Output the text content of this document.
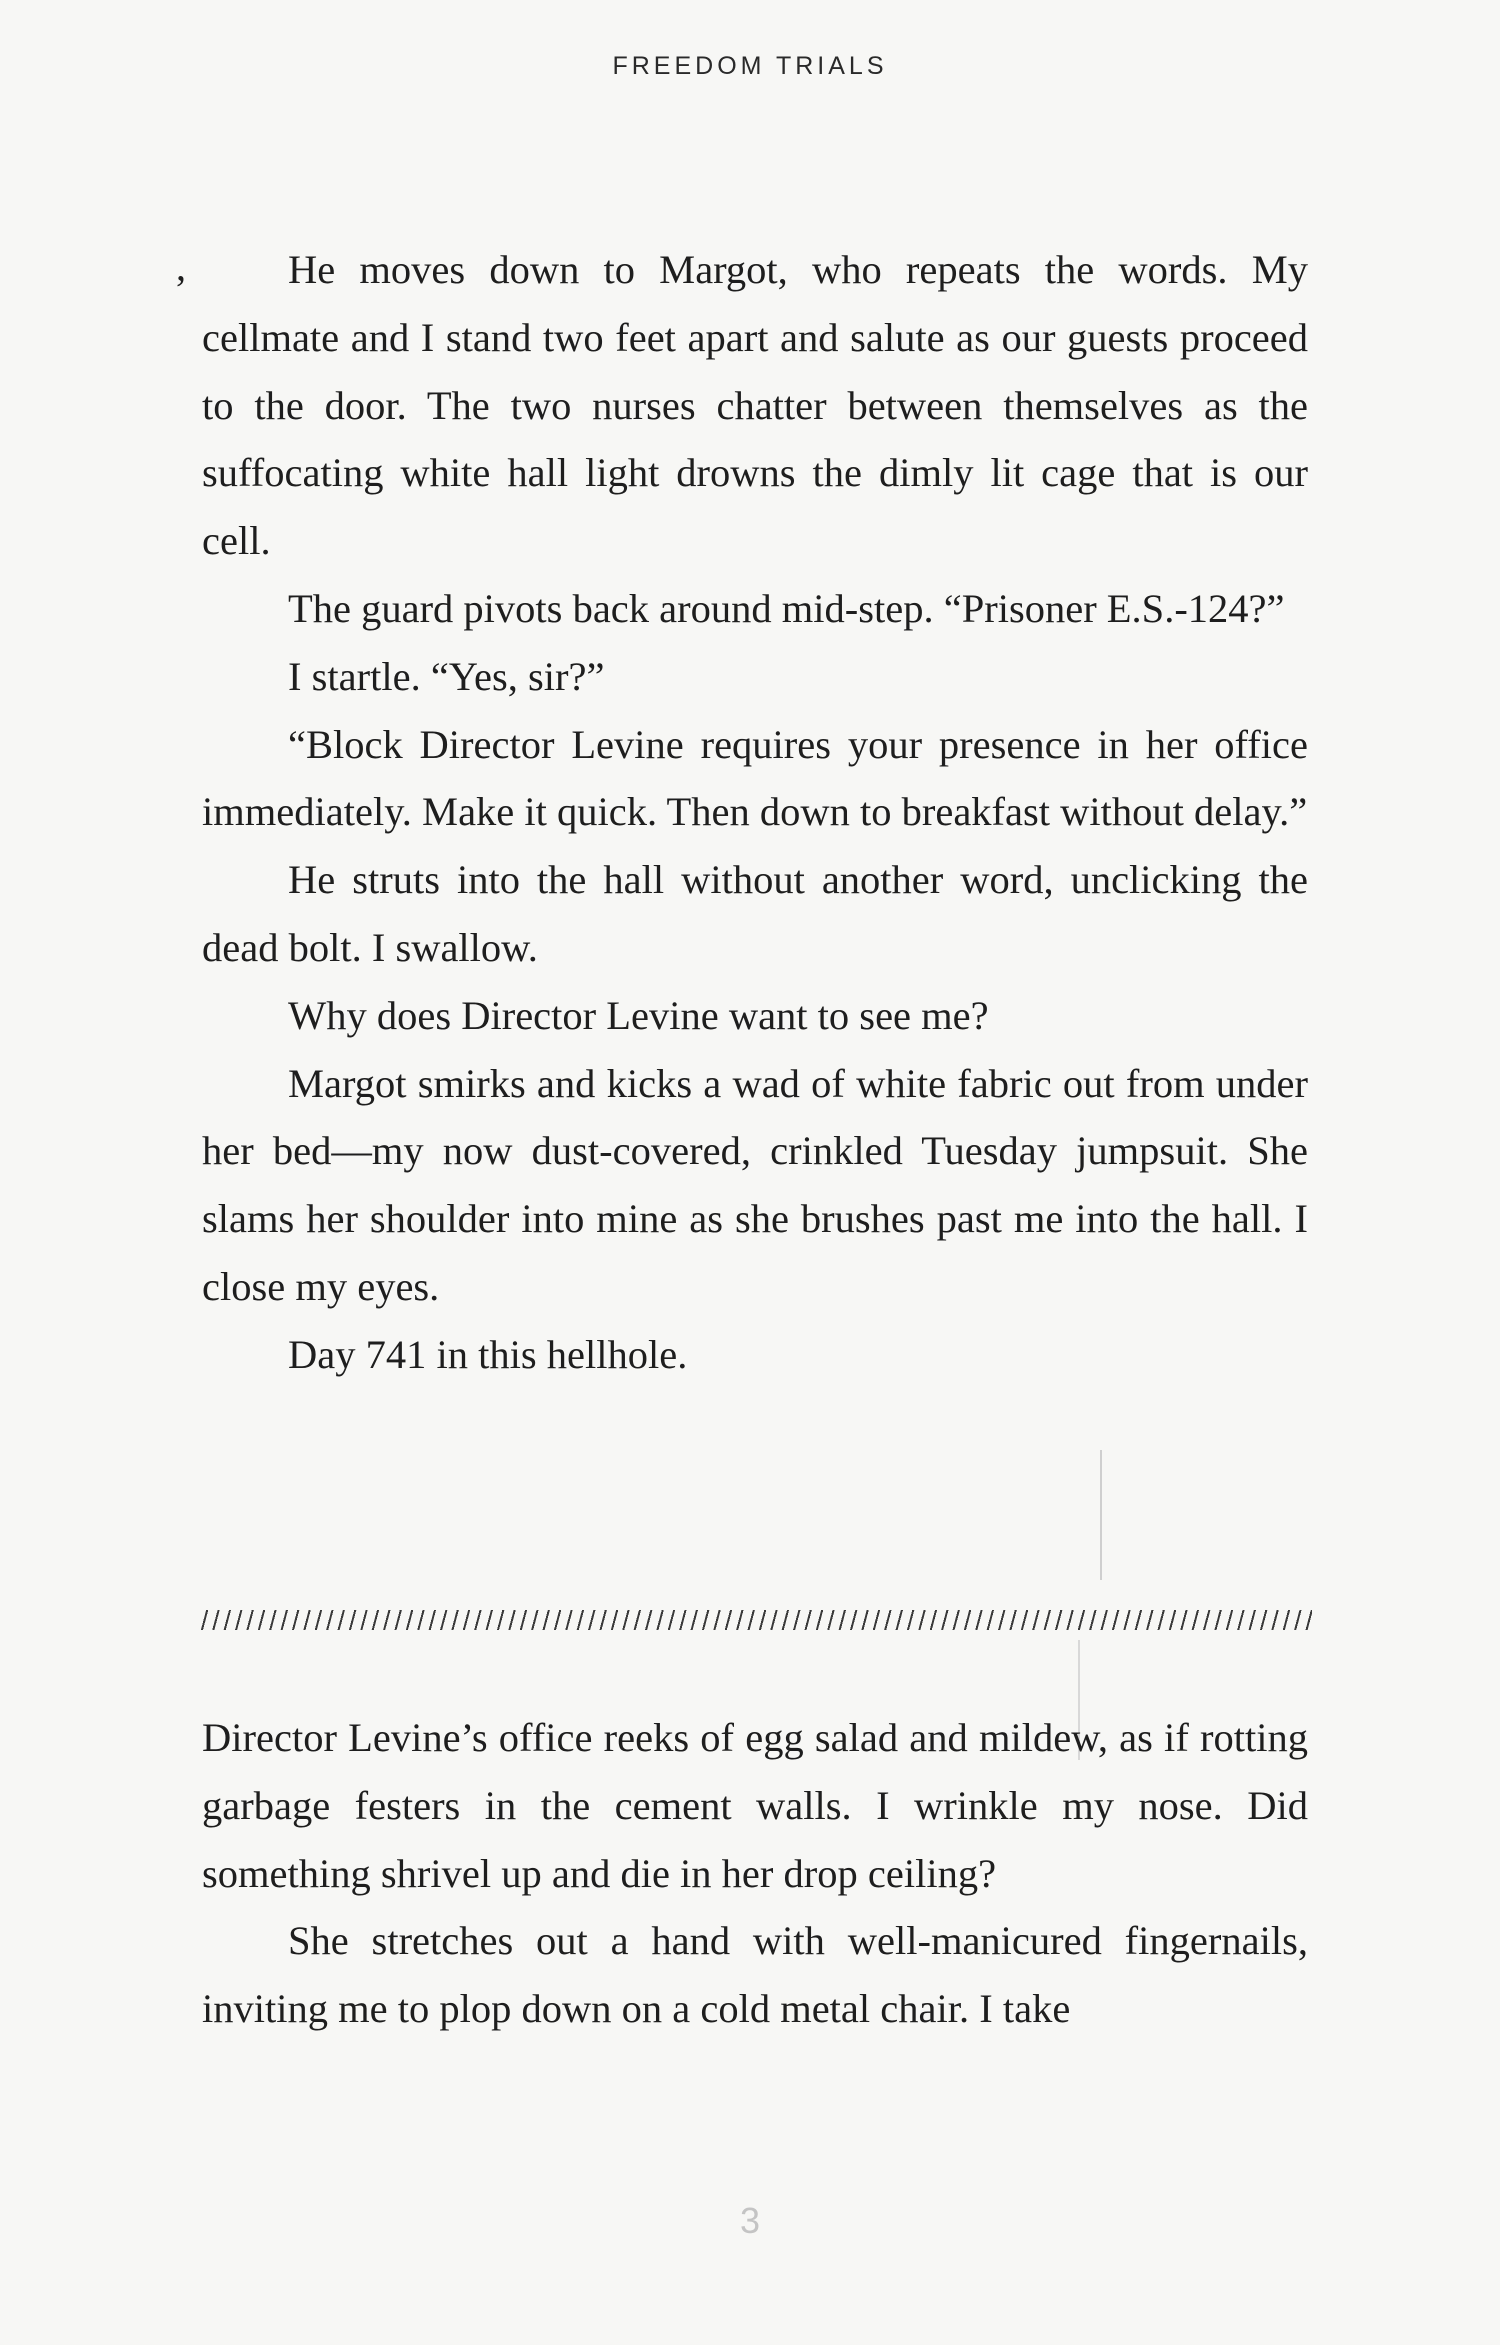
FREEDOM TRIALS
,	He moves down to Margot, who repeats the words. My cellmate and I stand two feet apart and salute as our guests proceed to the door. The two nurses chatter between themselves as the suffocating white hall light drowns the dimly lit cage that is our cell.

The guard pivots back around mid-step. “Prisoner E.S.-124?”

I startle. “Yes, sir?”

“Block Director Levine requires your presence in her office immediately. Make it quick. Then down to breakfast without delay.”

He struts into the hall without another word, unclicking the dead bolt. I swallow.

Why does Director Levine want to see me?

Margot smirks and kicks a wad of white fabric out from under her bed—my now dust-covered, crinkled Tuesday jumpsuit. She slams her shoulder into mine as she brushes past me into the hall. I close my eyes.

Day 741 in this hellhole.

Director Levine’s office reeks of egg salad and mildew, as if rotting garbage festers in the cement walls. I wrinkle my nose. Did something shrivel up and die in her drop ceiling?

She stretches out a hand with well-manicured fingernails, inviting me to plop down on a cold metal chair. I take

3
